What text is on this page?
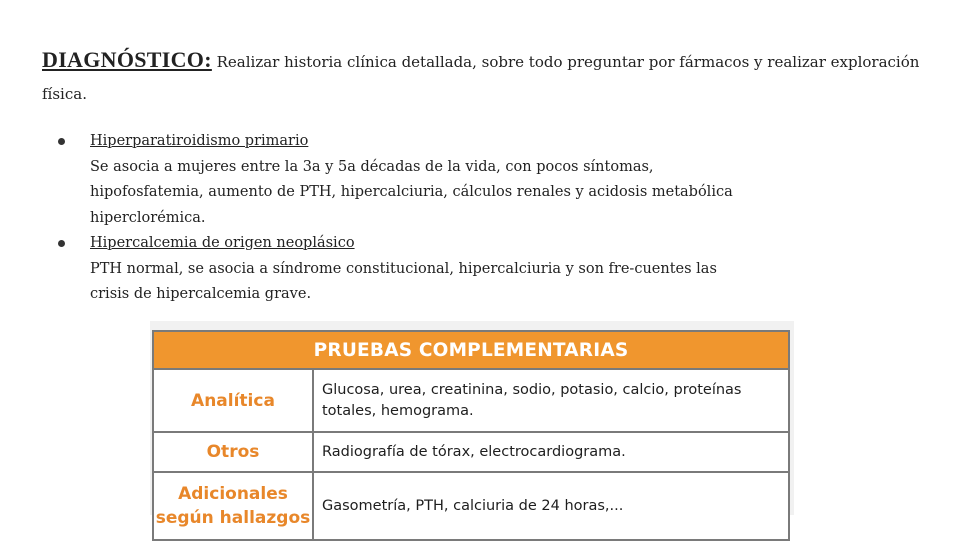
DIAGNÓSTICO: Realizar historia clínica detallada, sobre todo preguntar por fármacos y realizar exploración física.

Hiperparatiroidismo primario
Se asocia a mujeres entre la 3a y 5a décadas de la vida, con pocos síntomas, hipofosfatemia, aumento de PTH, hipercalciuria, cálculos renales y acidosis metabólica hiperclorémica.
Hipercalcemia de origen neoplásico
PTH normal, se asocia a síndrome constitucional, hipercalciuria y son fre-cuentes las crisis de hipercalcemia grave.
PRUEBAS COMPLEMENTARIAS	

Analítica	Glucosa, urea, creatinina, sodio, potasio, calcio, proteínas totales, hemograma.

Otros	Radiografía de tórax, electrocardiograma.

Adicionales
según hallazgos	Gasometría, PTH, calciuria de 24 horas,...
